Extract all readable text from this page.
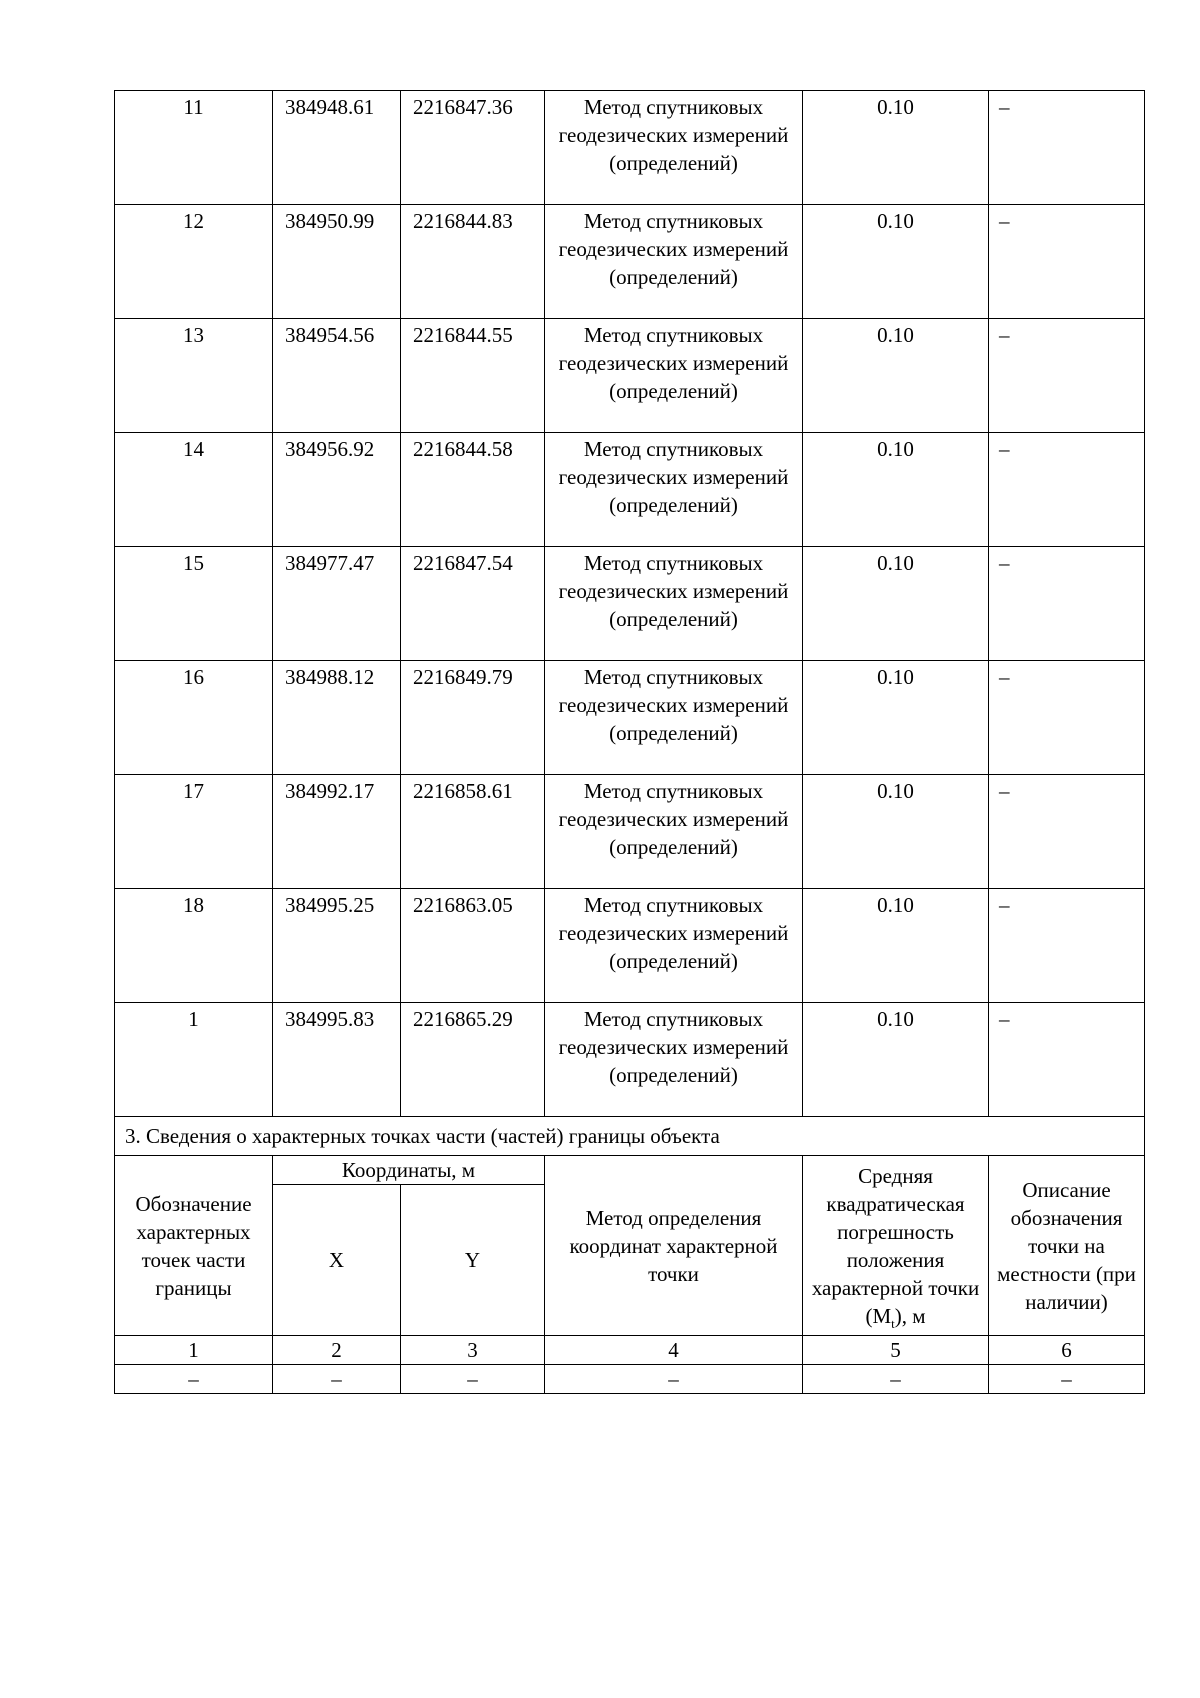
11	384948.61	2216847.36	Метод спутниковых геодезических измерений (определений)	0.10	–
12	384950.99	2216844.83	Метод спутниковых геодезических измерений (определений)	0.10	–
13	384954.56	2216844.55	Метод спутниковых геодезических измерений (определений)	0.10	–
14	384956.92	2216844.58	Метод спутниковых геодезических измерений (определений)	0.10	–
15	384977.47	2216847.54	Метод спутниковых геодезических измерений (определений)	0.10	–
16	384988.12	2216849.79	Метод спутниковых геодезических измерений (определений)	0.10	–
17	384992.17	2216858.61	Метод спутниковых геодезических измерений (определений)	0.10	–
18	384995.25	2216863.05	Метод спутниковых геодезических измерений (определений)	0.10	–
1	384995.83	2216865.29	Метод спутниковых геодезических измерений (определений)	0.10	–
3. Сведения о характерных точках части (частей) границы объекта					
Обозначение характерных точек части границы	Координаты, м		Метод определения координат характерной точки	Средняя квадратическая погрешность положения характерной точки $(M_t)$, м	Описание обозначения точки на местности (при наличии)
	X	Y			
1	2	3	4	5	6
–	–	–	–	–	–
